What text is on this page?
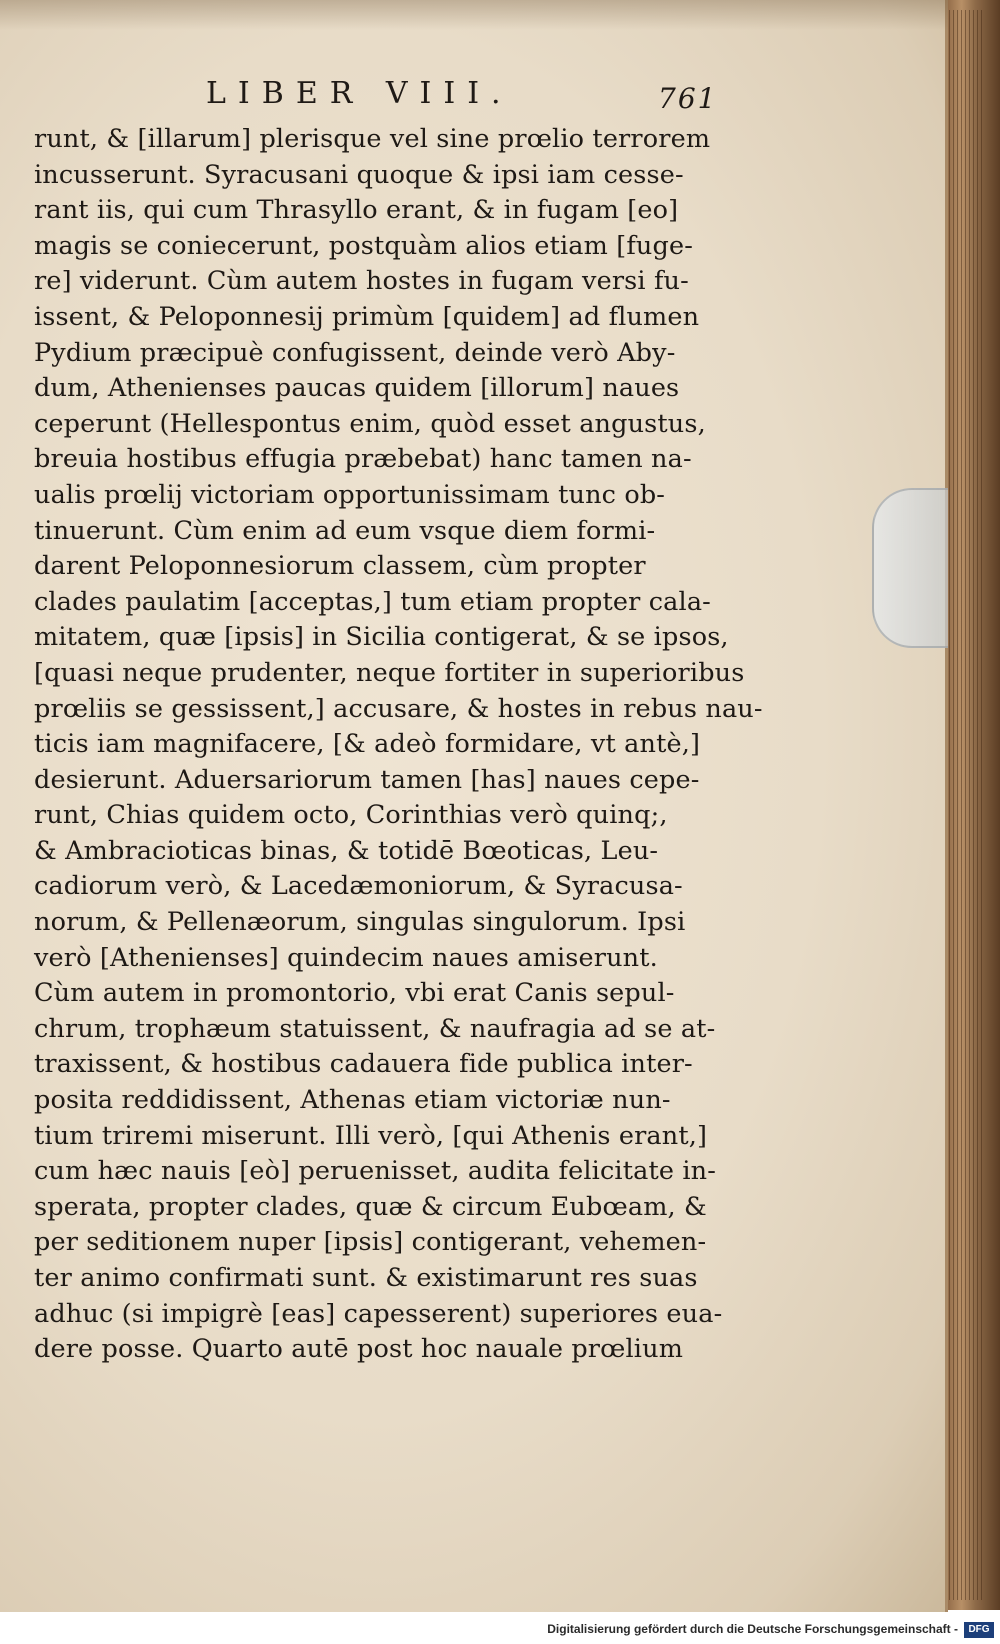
LIBER VIII.	761
runt, & [illarum] plerisque vel sine prœlio terrorem
incusserunt. Syracusani quoque & ipsi iam cesse-
rant iis, qui cum Thrasyllo erant, & in fugam [eo]
magis se coniecerunt, postquàm alios etiam [fuge-
re] viderunt. Cùm autem hostes in fugam versi fu-
issent, & Peloponnesij primùm [quidem] ad flumen
Pydium præcipuè confugissent, deinde verò Aby-
dum, Athenienses paucas quidem [illorum] naues
ceperunt (Hellespontus enim, quòd esset angustus,
breuia hostibus effugia præbebat) hanc tamen na-
ualis prœlij victoriam opportunissimam tunc ob-
tinuerunt. Cùm enim ad eum vsque diem formi-
darent Peloponnesiorum classem, cùm propter
clades paulatim [acceptas,] tum etiam propter cala-
mitatem, quæ [ipsis] in Sicilia contigerat, & se ipsos,
[quasi neque prudenter, neque fortiter in superioribus
prœliis se gessissent,] accusare, & hostes in rebus nau-
ticis iam magnifacere, [& adeò formidare, vt antè,]
desierunt. Aduersariorum tamen [has] naues cepe-
runt, Chias quidem octo, Corinthias verò quinq;,
& Ambracioticas binas, & totidē Bœoticas, Leu-
cadiorum verò, & Lacedæmoniorum, & Syracusa-
norum, & Pellenæorum, singulas singulorum. Ipsi
verò [Athenienses] quindecim naues amiserunt.
Cùm autem in promontorio, vbi erat Canis sepul-
chrum, trophæum statuissent, & naufragia ad se at-
traxissent, & hostibus cadauera fide publica inter-
posita reddidissent, Athenas etiam victoriæ nun-
tium triremi miserunt. Illi verò, [qui Athenis erant,]
cum hæc nauis [eò] peruenisset, audita felicitate in-
sperata, propter clades, quæ & circum Eubœam, &
per seditionem nuper [ipsis] contigerant, vehemen-
ter animo confirmati sunt. & existimarunt res suas
adhuc (si impigrè [eas] capesserent) superiores eua-
dere posse. Quarto autē post hoc nauale prœlium
Digitalisierung gefördert durch die Deutsche Forschungsgemeinschaft -	DFG
